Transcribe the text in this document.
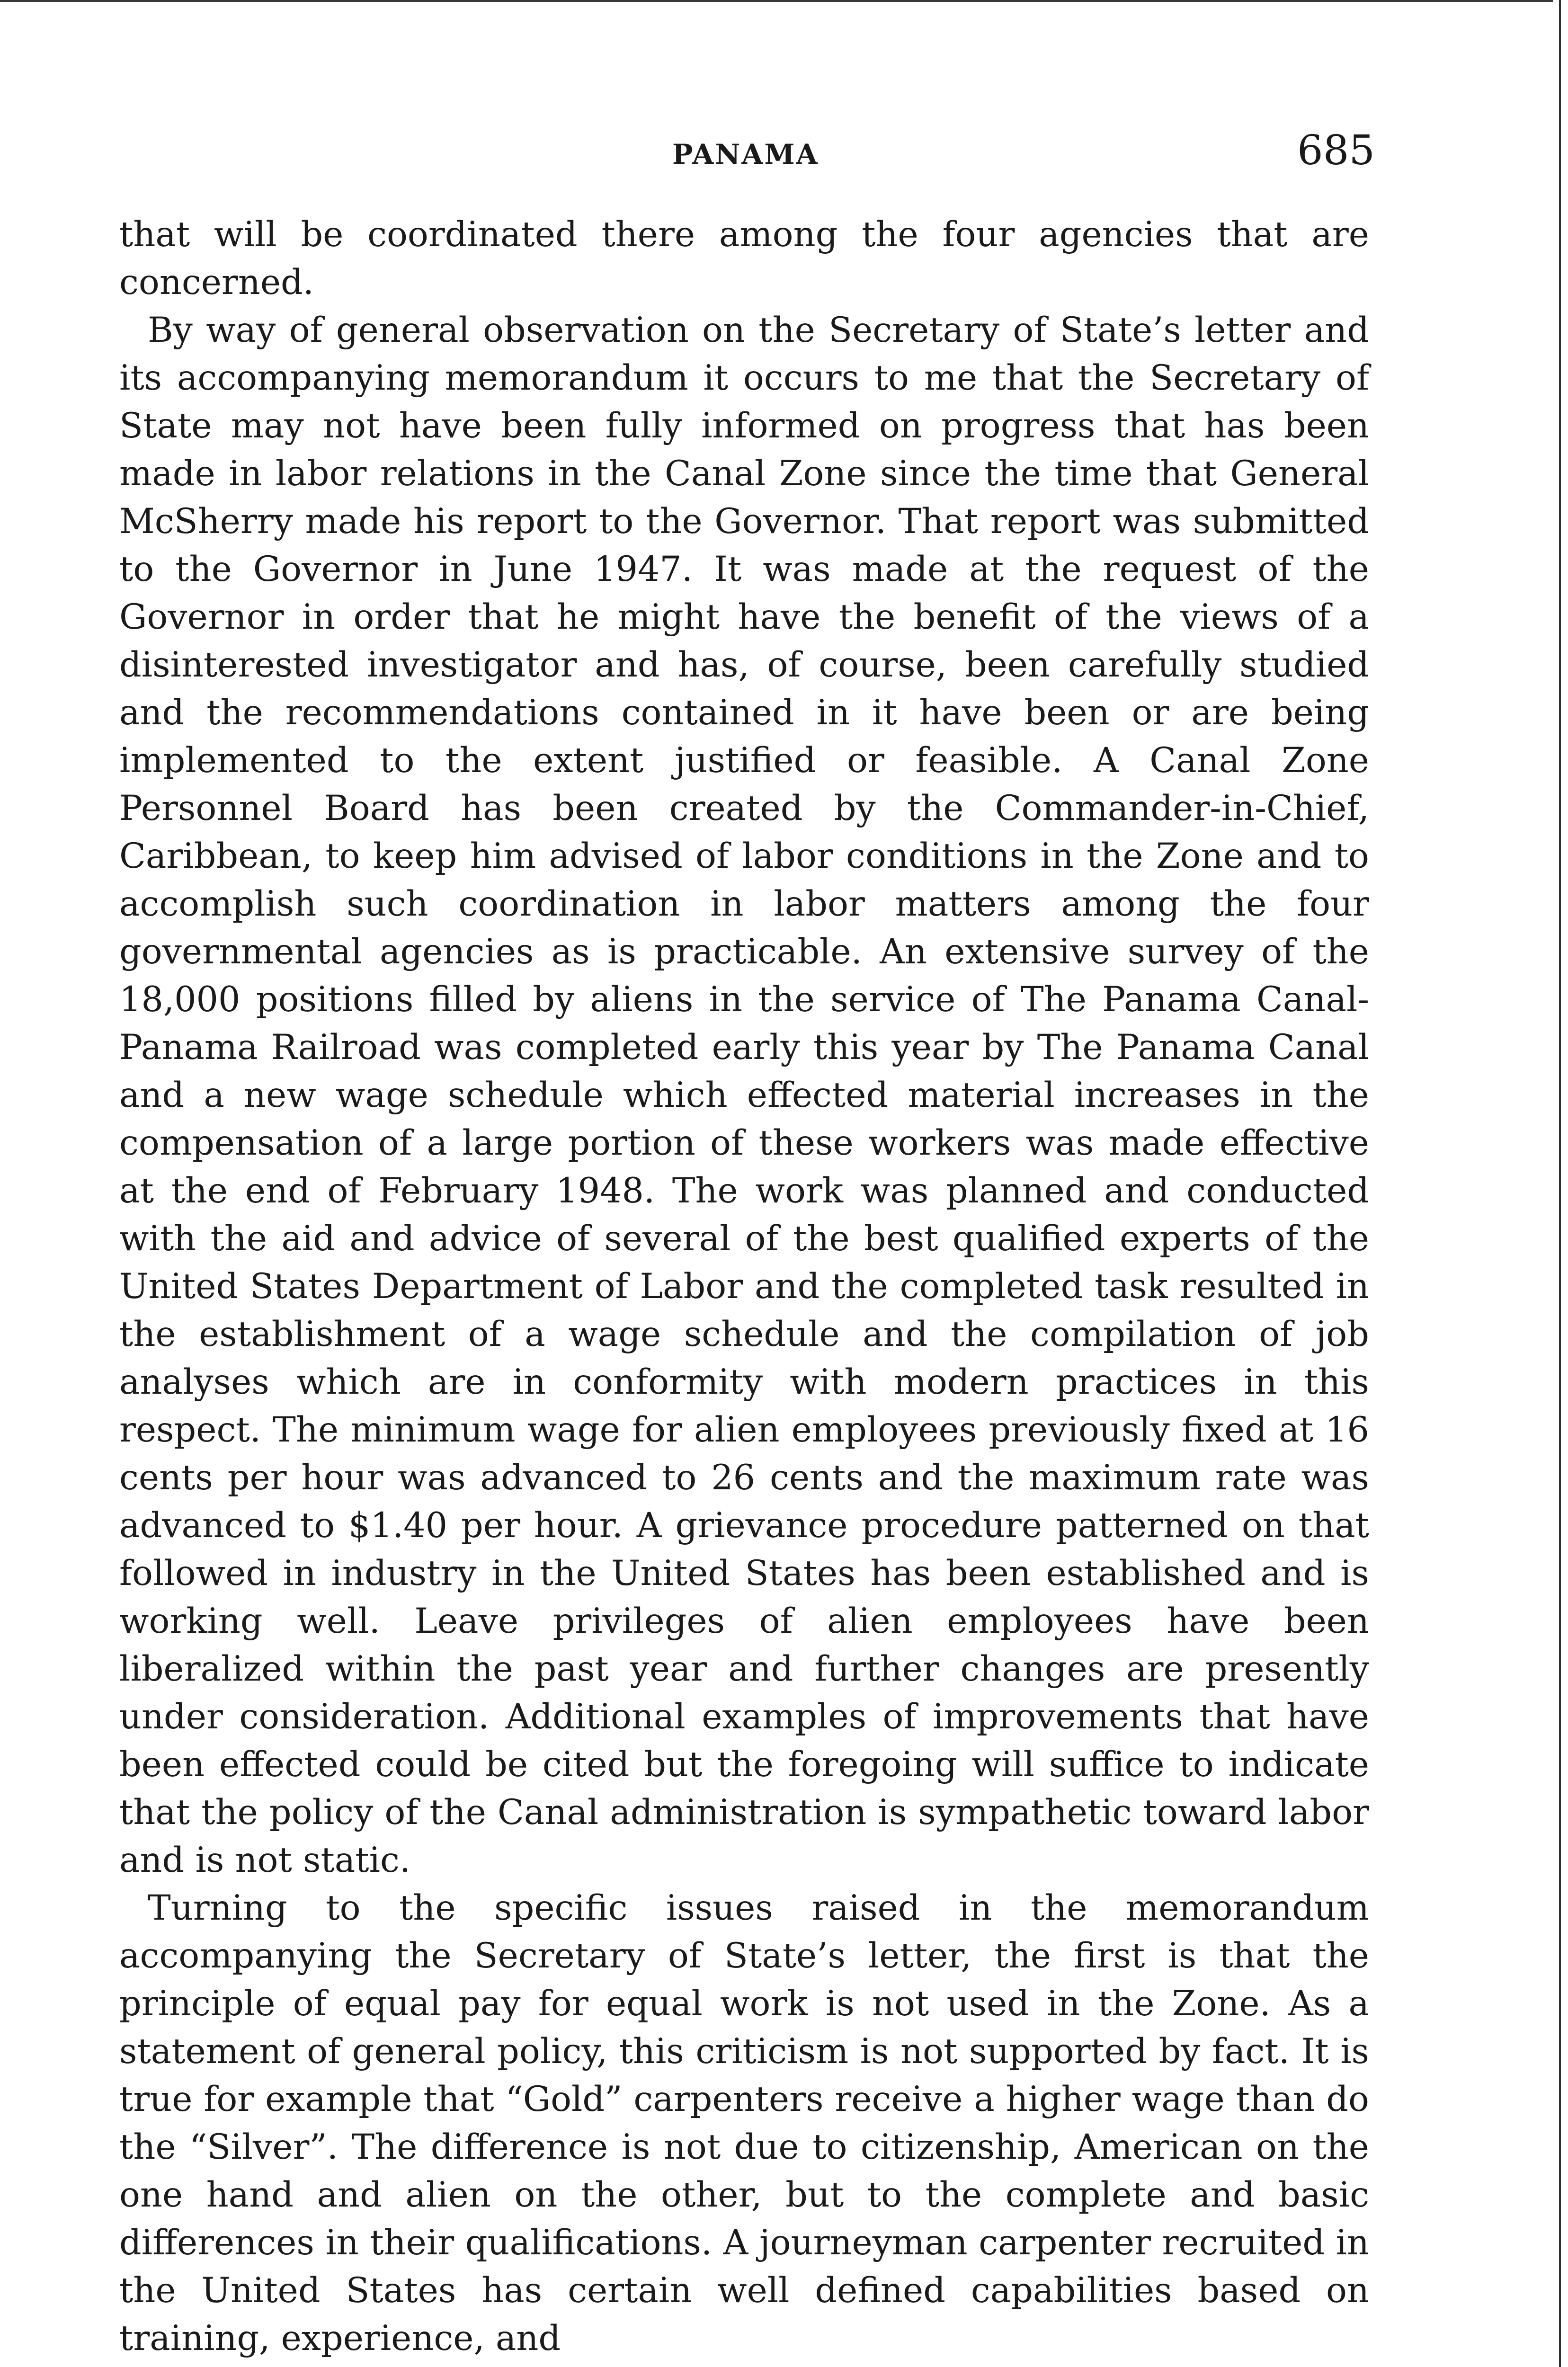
PANAMA	685

that will be coordinated there among the four agencies that are concerned.

By way of general observation on the Secretary of State’s letter and its accompanying memorandum it occurs to me that the Secretary of State may not have been fully informed on progress that has been made in labor relations in the Canal Zone since the time that General McSherry made his report to the Governor. That report was submitted to the Governor in June 1947. It was made at the request of the Governor in order that he might have the benefit of the views of a disinterested investigator and has, of course, been carefully studied and the recommendations contained in it have been or are being implemented to the extent justified or feasible. A Canal Zone Personnel Board has been created by the Commander-in-Chief, Caribbean, to keep him advised of labor conditions in the Zone and to accomplish such coordination in labor matters among the four governmental agencies as is practicable. An extensive survey of the 18,000 positions filled by aliens in the service of The Panama Canal-Panama Railroad was completed early this year by The Panama Canal and a new wage schedule which effected material increases in the compensation of a large portion of these workers was made effective at the end of February 1948. The work was planned and conducted with the aid and advice of several of the best qualified experts of the United States Department of Labor and the completed task resulted in the establishment of a wage schedule and the compilation of job analyses which are in conformity with modern practices in this respect. The minimum wage for alien employees previously fixed at 16 cents per hour was advanced to 26 cents and the maximum rate was advanced to $1.40 per hour. A grievance procedure patterned on that followed in industry in the United States has been established and is working well. Leave privileges of alien employees have been liberalized within the past year and further changes are presently under consideration. Additional examples of improvements that have been effected could be cited but the foregoing will suffice to indicate that the policy of the Canal administration is sympathetic toward labor and is not static.

Turning to the specific issues raised in the memorandum accompanying the Secretary of State’s letter, the first is that the principle of equal pay for equal work is not used in the Zone. As a statement of general policy, this criticism is not supported by fact. It is true for example that “Gold” carpenters receive a higher wage than do the “Silver”. The difference is not due to citizenship, American on the one hand and alien on the other, but to the complete and basic differences in their qualifications. A journeyman carpenter recruited in the United States has certain well defined capabilities based on training, experience, and
